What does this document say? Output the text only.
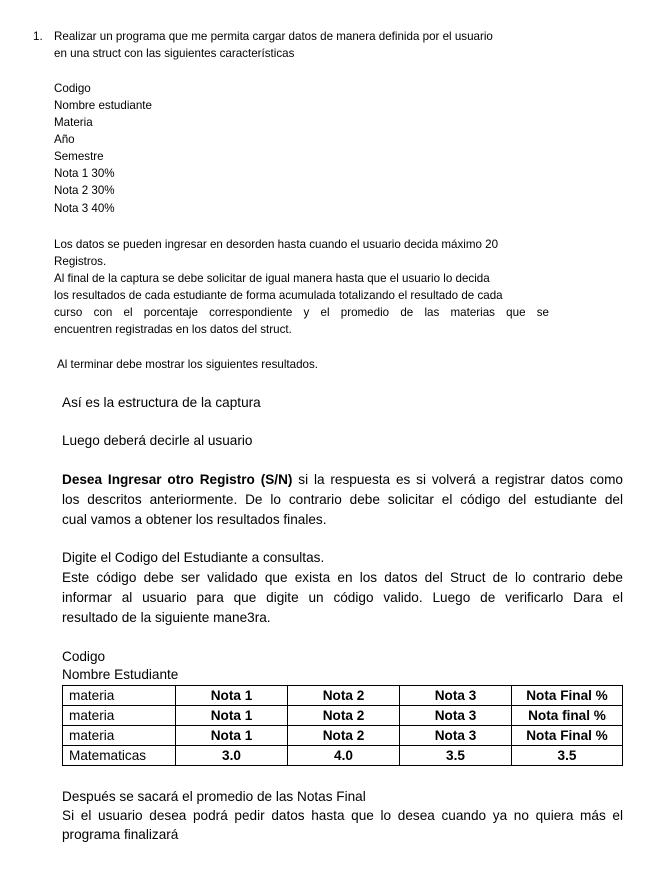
1. Realizar un programa que me permita cargar datos de manera definida por el usuario
en una struct con las siguientes características
Codigo
Nombre estudiante
Materia
Año
Semestre
Nota 1 30%
Nota 2 30%
Nota 3 40%
Los datos se pueden ingresar en desorden hasta cuando el usuario decida máximo 20
Registros.
Al final de la captura se debe solicitar de igual manera hasta que el usuario lo decida
los resultados de cada estudiante de forma acumulada totalizando el resultado de cada
curso con el porcentaje correspondiente y el promedio de las materias que se
encuentren registradas en los datos del struct.
Al terminar debe mostrar los siguientes resultados.
Así es la estructura de la captura
Luego deberá decirle al usuario
Desea Ingresar otro Registro (S/N) si la respuesta es si volverá a registrar datos como
los descritos anteriormente. De lo contrario debe solicitar el código del estudiante del
cual vamos a obtener los resultados finales.
Digite el Codigo del Estudiante a consultas.
Este código debe ser validado que exista en los datos del Struct de lo contrario debe
informar al usuario para que digite un código valido. Luego de verificarlo Dara el
resultado de la siguiente mane3ra.
Codigo
Nombre Estudiante
materia	Nota 1	Nota 2	Nota 3	Nota Final %
materia	Nota 1	Nota 2	Nota 3	Nota final %
materia	Nota 1	Nota 2	Nota 3	Nota Final %
Matematicas	3.0	4.0	3.5	3.5
Después se sacará el promedio de las Notas Final
Si el usuario desea podrá pedir datos hasta que lo desea cuando ya no quiera más el
programa finalizará
